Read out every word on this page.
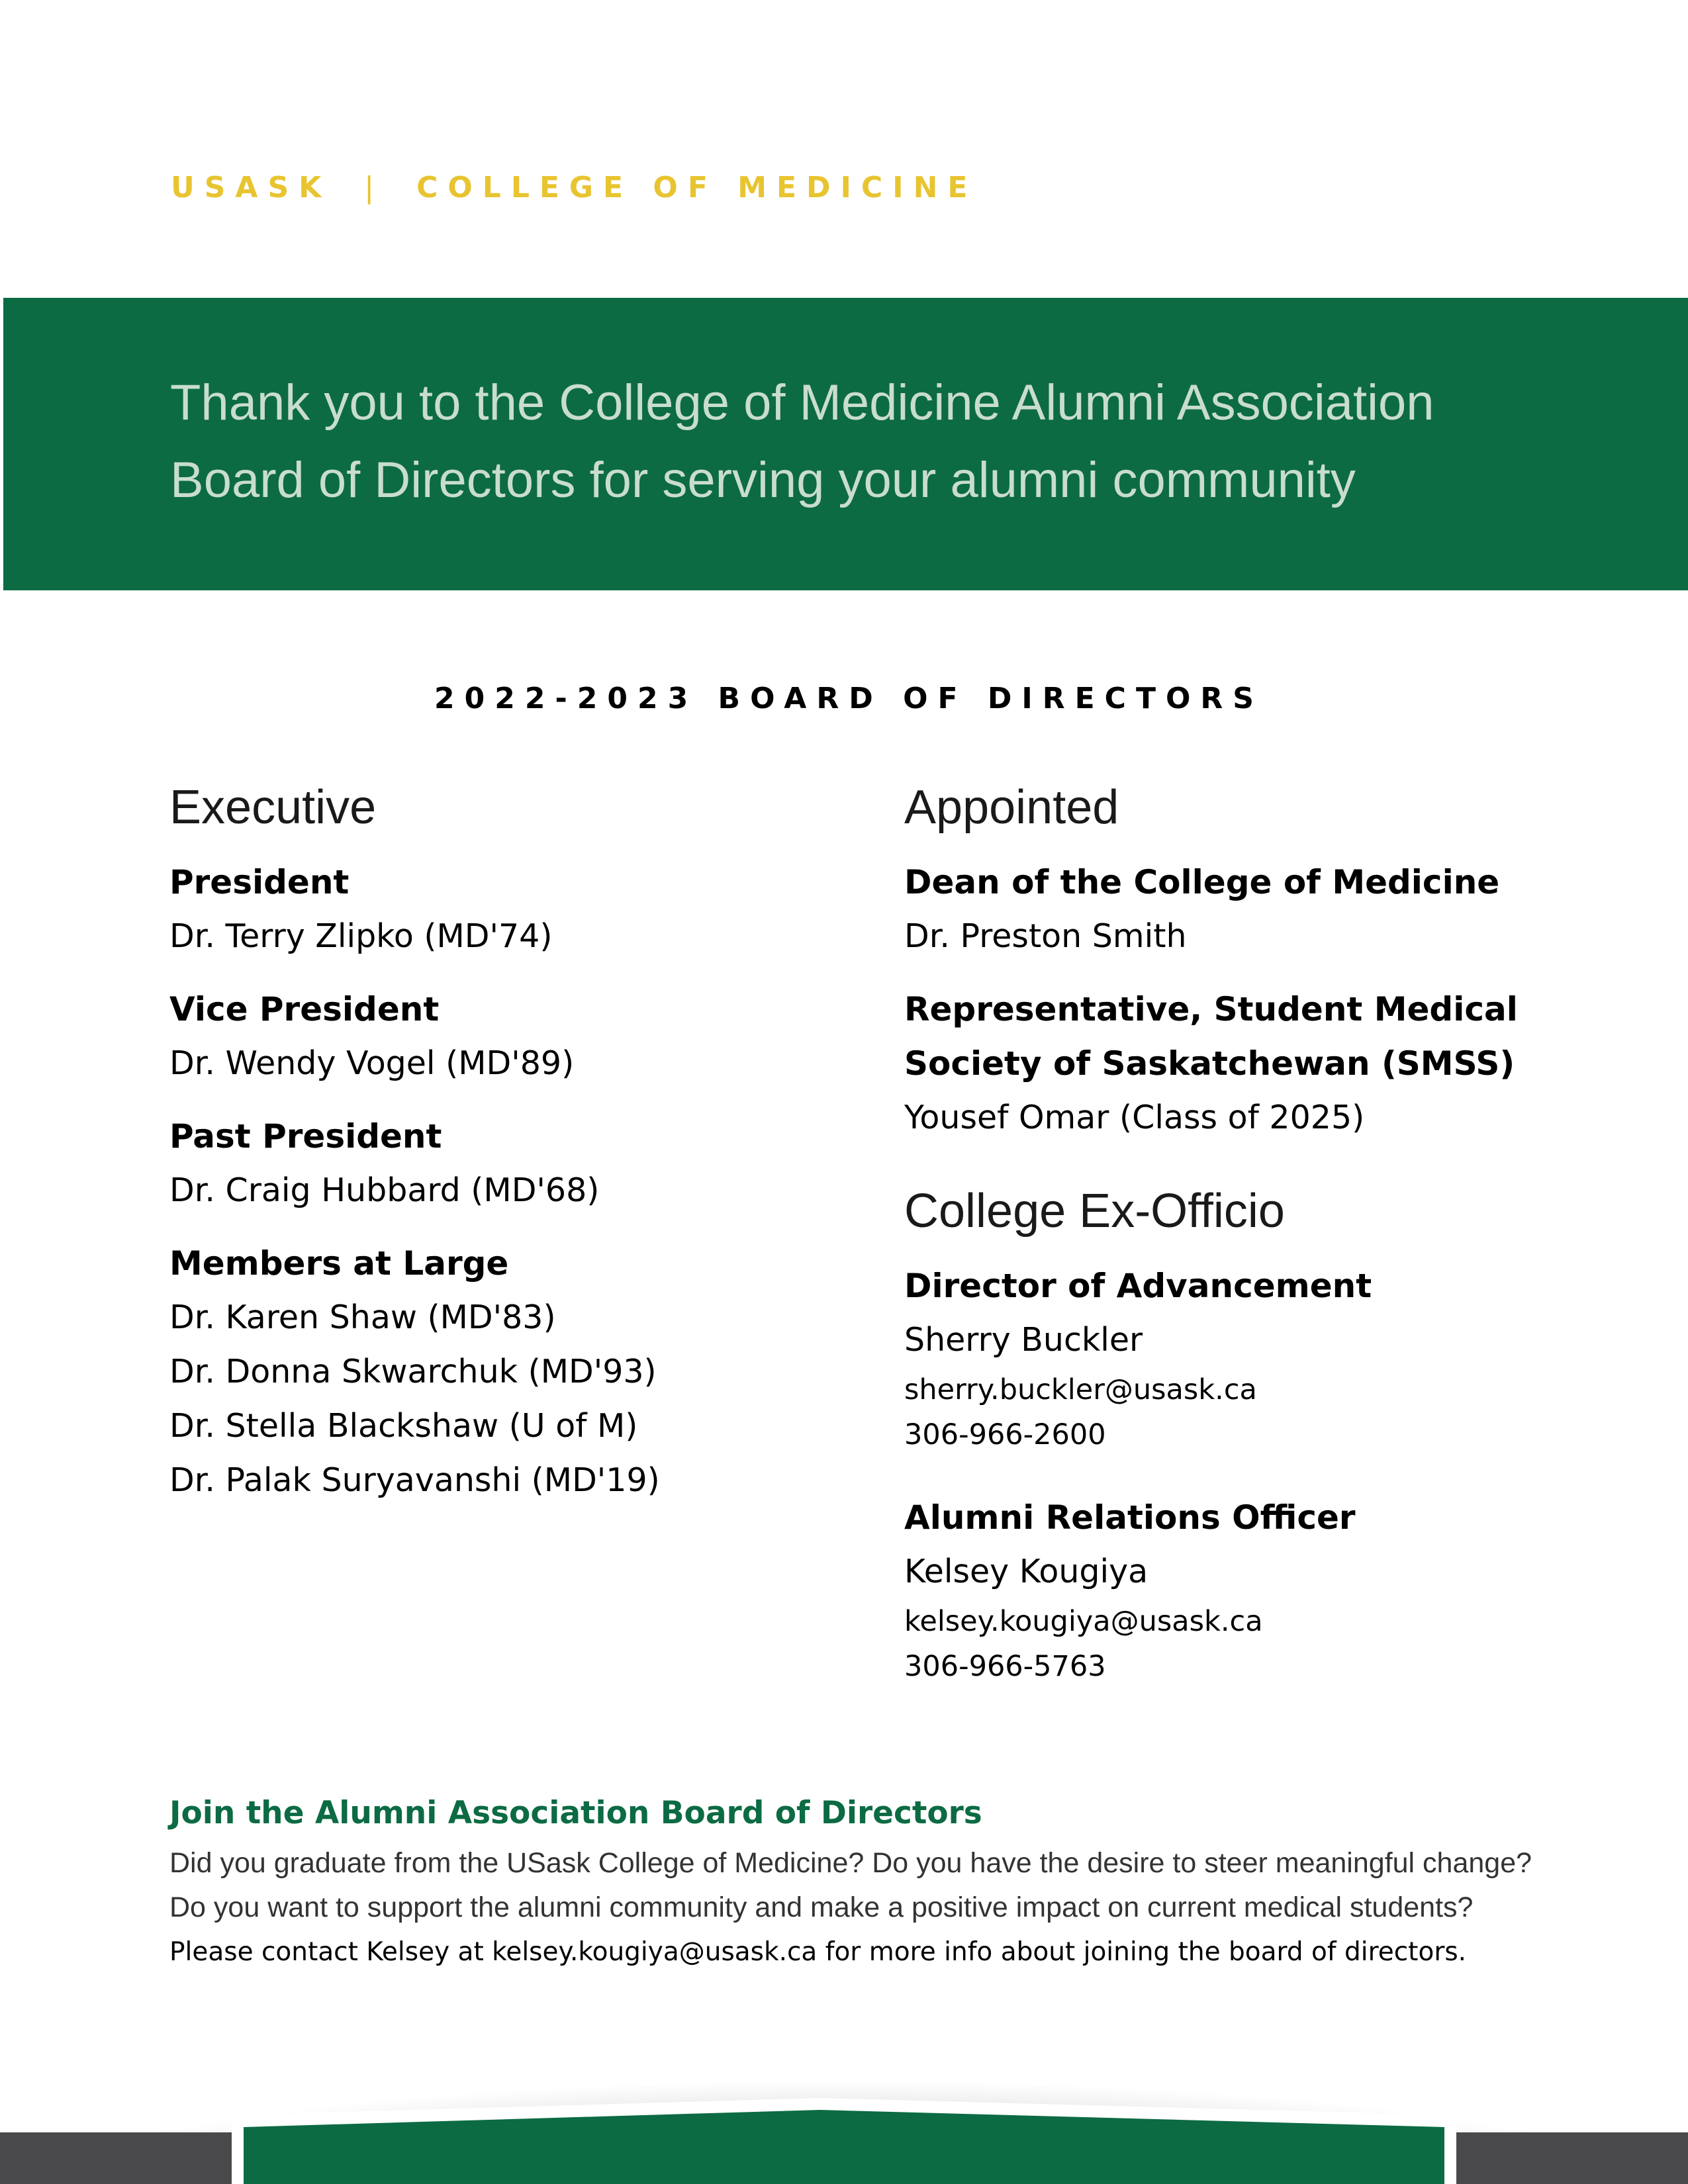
USASK | COLLEGE OF MEDICINE
Thank you to the College of Medicine Alumni Association
Board of Directors for serving your alumni community
2022-2023 BOARD OF DIRECTORS
Executive

President

Dr. Terry Zlipko (MD'74)

Vice President

Dr. Wendy Vogel (MD'89)

Past President

Dr. Craig Hubbard (MD'68)

Members at Large

Dr. Karen Shaw (MD'83)

Dr. Donna Skwarchuk (MD'93)

Dr. Stella Blackshaw (U of M)

Dr. Palak Suryavanshi (MD'19)

Appointed

Dean of the College of Medicine

Dr. Preston Smith

Representative, Student Medical

Society of Saskatchewan (SMSS)

Yousef Omar (Class of 2025)

College Ex-Officio

Director of Advancement

Sherry Buckler

sherry.buckler@usask.ca

306-966-2600

Alumni Relations Officer

Kelsey Kougiya

kelsey.kougiya@usask.ca

306-966-5763

Join the Alumni Association Board of Directors

Did you graduate from the USask College of Medicine? Do you have the desire to steer meaningful change?

Do you want to support the alumni community and make a positive impact on current medical students?

Please contact Kelsey at kelsey.kougiya@usask.ca for more info about joining the board of directors.
